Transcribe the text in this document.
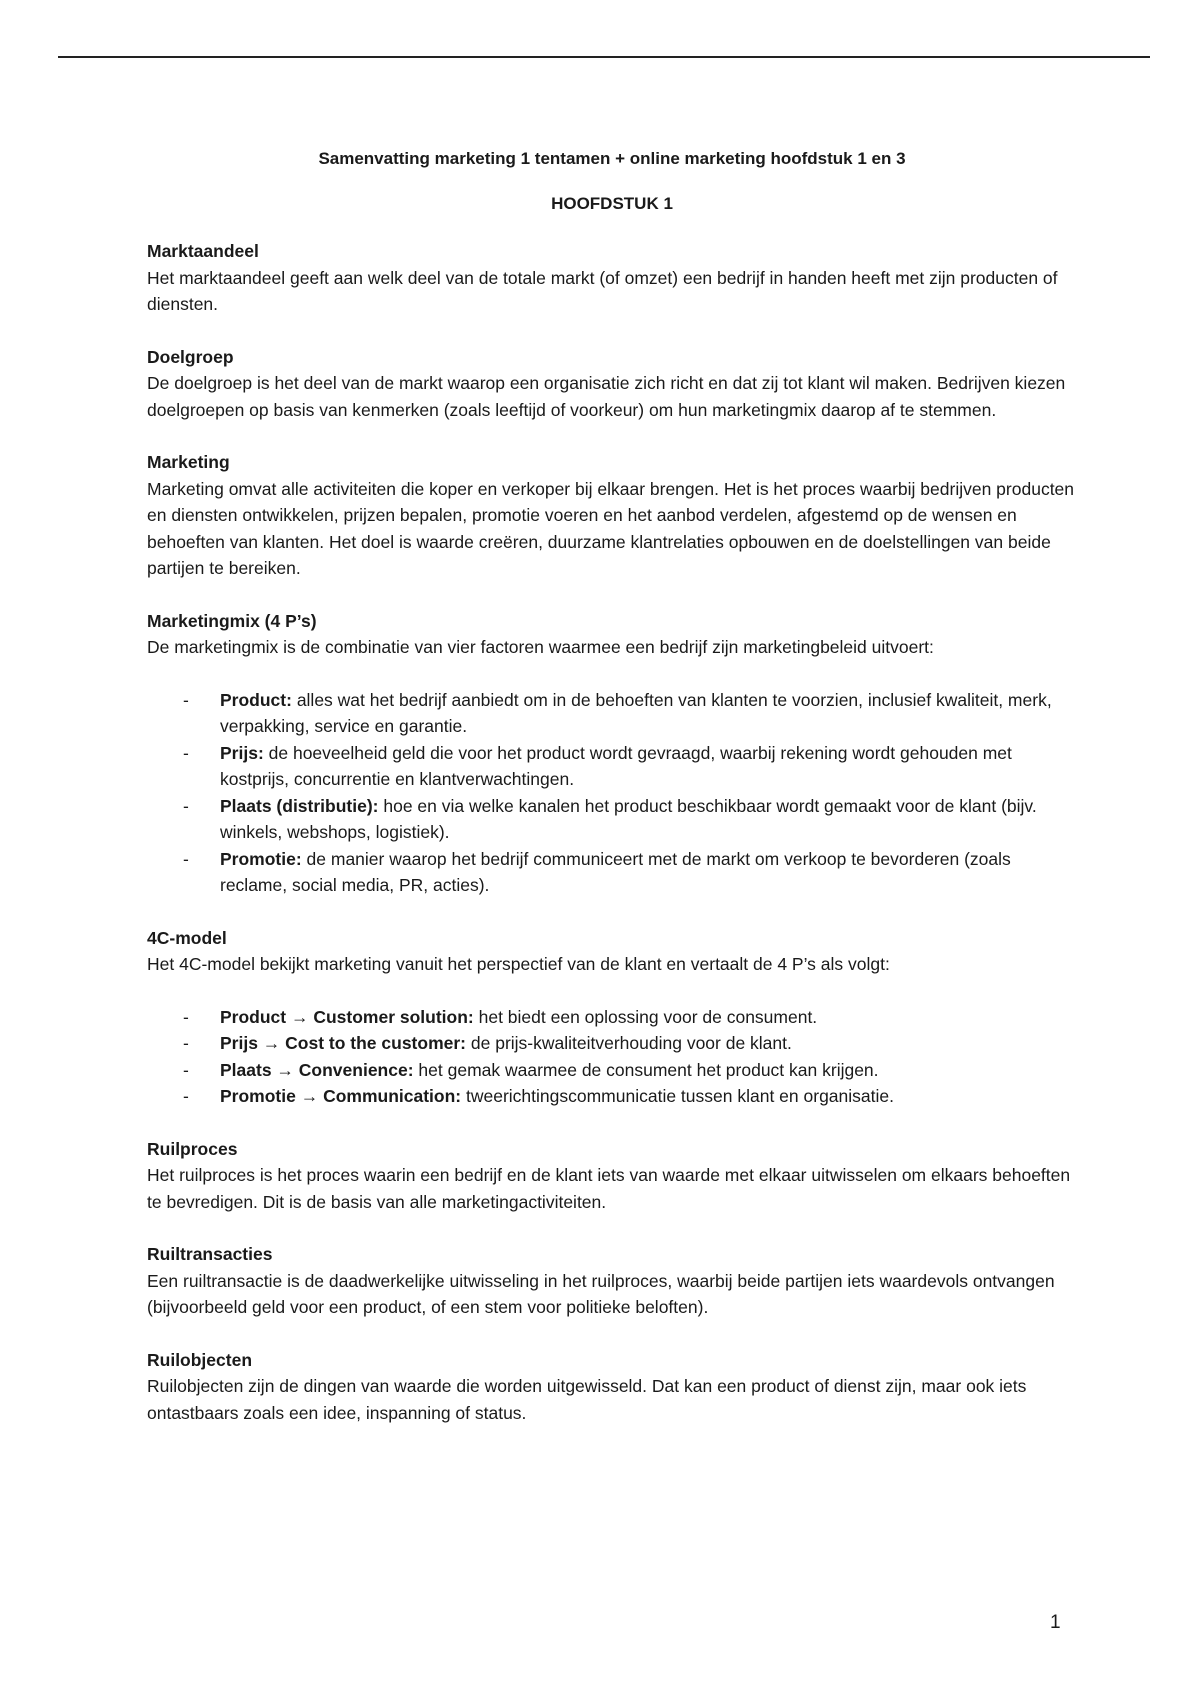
Samenvatting marketing 1 tentamen + online marketing hoofdstuk 1 en 3
HOOFDSTUK 1
Marktaandeel

Het marktaandeel geeft aan welk deel van de totale markt (of omzet) een bedrijf in handen heeft met zijn producten of diensten.

Doelgroep

De doelgroep is het deel van de markt waarop een organisatie zich richt en dat zij tot klant wil maken. Bedrijven kiezen doelgroepen op basis van kenmerken (zoals leeftijd of voorkeur) om hun marketingmix daarop af te stemmen.

Marketing

Marketing omvat alle activiteiten die koper en verkoper bij elkaar brengen. Het is het proces waarbij bedrijven producten en diensten ontwikkelen, prijzen bepalen, promotie voeren en het aanbod verdelen, afgestemd op de wensen en behoeften van klanten. Het doel is waarde creëren, duurzame klantrelaties opbouwen en de doelstellingen van beide partijen te bereiken.

Marketingmix (4 P’s)

De marketingmix is de combinatie van vier factoren waarmee een bedrijf zijn marketingbeleid uitvoert:

- Product: alles wat het bedrijf aanbiedt om in de behoeften van klanten te voorzien, inclusief kwaliteit, merk, verpakking, service en garantie.
- Prijs: de hoeveelheid geld die voor het product wordt gevraagd, waarbij rekening wordt gehouden met kostprijs, concurrentie en klantverwachtingen.
- Plaats (distributie): hoe en via welke kanalen het product beschikbaar wordt gemaakt voor de klant (bijv. winkels, webshops, logistiek).
- Promotie: de manier waarop het bedrijf communiceert met de markt om verkoop te bevorderen (zoals reclame, social media, PR, acties).
4C-model

Het 4C-model bekijkt marketing vanuit het perspectief van de klant en vertaalt de 4 P’s als volgt:

- Product → Customer solution: het biedt een oplossing voor de consument.
- Prijs → Cost to the customer: de prijs-kwaliteitverhouding voor de klant.
- Plaats → Convenience: het gemak waarmee de consument het product kan krijgen.
- Promotie → Communication: tweerichtingscommunicatie tussen klant en organisatie.
Ruilproces

Het ruilproces is het proces waarin een bedrijf en de klant iets van waarde met elkaar uitwisselen om elkaars behoeften te bevredigen. Dit is de basis van alle marketingactiviteiten.

Ruiltransacties

Een ruiltransactie is de daadwerkelijke uitwisseling in het ruilproces, waarbij beide partijen iets waardevols ontvangen (bijvoorbeeld geld voor een product, of een stem voor politieke beloften).

Ruilobjecten

Ruilobjecten zijn de dingen van waarde die worden uitgewisseld. Dat kan een product of dienst zijn, maar ook iets ontastbaars zoals een idee, inspanning of status.

1
